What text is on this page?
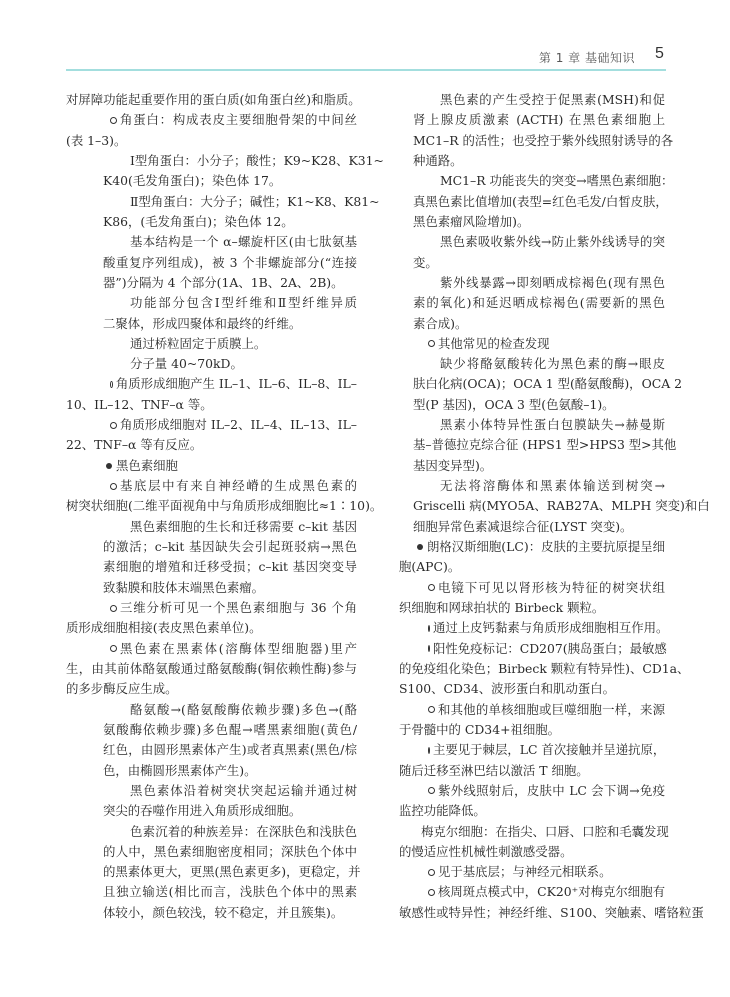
第 1 章 基础知识 5
对屏障功能起重要作用的蛋白质(如角蛋白丝)和脂质。
角蛋白：构成表皮主要细胞骨架的中间丝
(表 1–3)。
Ⅰ型角蛋白：小分子；酸性；K9~K28、K31~
K40(毛发角蛋白)；染色体 17。
Ⅱ型角蛋白：大分子；碱性；K1~K8、K81~
K86，(毛发角蛋白)；染色体 12。
基本结构是一个 α–螺旋杆区(由七肽氨基
酸重复序列组成)，被 3 个非螺旋部分(“连接
器”)分隔为 4 个部分(1A、1B、2A、2B)。
功能部分包含Ⅰ型纤维和Ⅱ型纤维异质
二聚体，形成四聚体和最终的纤维。
通过桥粒固定于质膜上。
分子量 40~70kD。
角质形成细胞产生 IL–1、IL–6、IL–8、IL–
10、IL–12、TNF–α 等。
角质形成细胞对 IL–2、IL–4、IL–13、IL–
22、TNF–α 等有反应。
黑色素细胞
基底层中有来自神经嵴的生成黑色素的
树突状细胞(二维平面视角中与角质形成细胞比≈1∶10)。
黑色素细胞的生长和迁移需要 c–kit 基因
的激活；c–kit 基因缺失会引起斑驳病→黑色
素细胞的增殖和迁移受损；c–kit 基因突变导
致黏膜和肢体末端黑色素瘤。
三维分析可见一个黑色素细胞与 36 个角
质形成细胞相接(表皮黑色素单位)。
黑色素在黑素体(溶酶体型细胞器)里产
生，由其前体酪氨酸通过酪氨酸酶(铜依赖性酶)参与
的多步酶反应生成。
酪氨酸→(酪氨酸酶依赖步骤)多色→(酪
氨酸酶依赖步骤)多色醌→嗜黑素细胞(黄色/
红色，由圆形黑素体产生)或者真黑素(黑色/棕
色，由椭圆形黑素体产生)。
黑色素体沿着树突状突起运输并通过树
突尖的吞噬作用进入角质形成细胞。
色素沉着的种族差异：在深肤色和浅肤色
的人中，黑色素细胞密度相同；深肤色个体中
的黑素体更大，更黑(黑色素更多)，更稳定，并
且独立输送(相比而言，浅肤色个体中的黑素
体较小，颜色较浅，较不稳定，并且簇集)。
黑色素的产生受控于促黑素(MSH)和促
肾上腺皮质激素 (ACTH) 在黑色素细胞上
MC1–R 的活性；也受控于紫外线照射诱导的各
种通路。
MC1–R 功能丧失的突变→嗜黑色素细胞：
真黑色素比值增加(表型=红色毛发/白皙皮肤，
黑色素瘤风险增加)。
黑色素吸收紫外线→防止紫外线诱导的突
变。
紫外线暴露→即刻晒成棕褐色(现有黑色
素的氧化)和延迟晒成棕褐色(需要新的黑色
素合成)。
其他常见的检查发现
缺少将酪氨酸转化为黑色素的酶→眼皮
肤白化病(OCA)；OCA 1 型(酪氨酸酶)，OCA 2
型(P 基因)，OCA 3 型(色氨酸–1)。
黑素小体特异性蛋白包膜缺失→赫曼斯
基–普德拉克综合征 (HPS1 型>HPS3 型>其他
基因变异型)。
无法将溶酶体和黑素体输送到树突→
Griscelli 病(MYO5A、RAB27A、MLPH 突变)和白
细胞异常色素减退综合征(LYST 突变)。
朗格汉斯细胞(LC)：皮肤的主要抗原提呈细
胞(APC)。
电镜下可见以肾形核为特征的树突状组
织细胞和网球拍状的 Birbeck 颗粒。
通过上皮钙黏素与角质形成细胞相互作用。
阳性免疫标记：CD207(胰岛蛋白；最敏感
的免疫组化染色；Birbeck 颗粒有特异性)、CD1a、
S100、CD34、波形蛋白和肌动蛋白。
和其他的单核细胞或巨噬细胞一样，来源
于骨髓中的 CD34+祖细胞。
主要见于棘层，LC 首次接触并呈递抗原，
随后迁移至淋巴结以激活 T 细胞。
紫外线照射后，皮肤中 LC 会下调→免疫
监控功能降低。
梅克尔细胞：在指尖、口唇、口腔和毛囊发现
的慢适应性机械性刺激感受器。
见于基底层；与神经元相联系。
核周斑点模式中，CK20⁺对梅克尔细胞有
敏感性或特异性；神经纤维、S100、突触素、嗜铬粒蛋
